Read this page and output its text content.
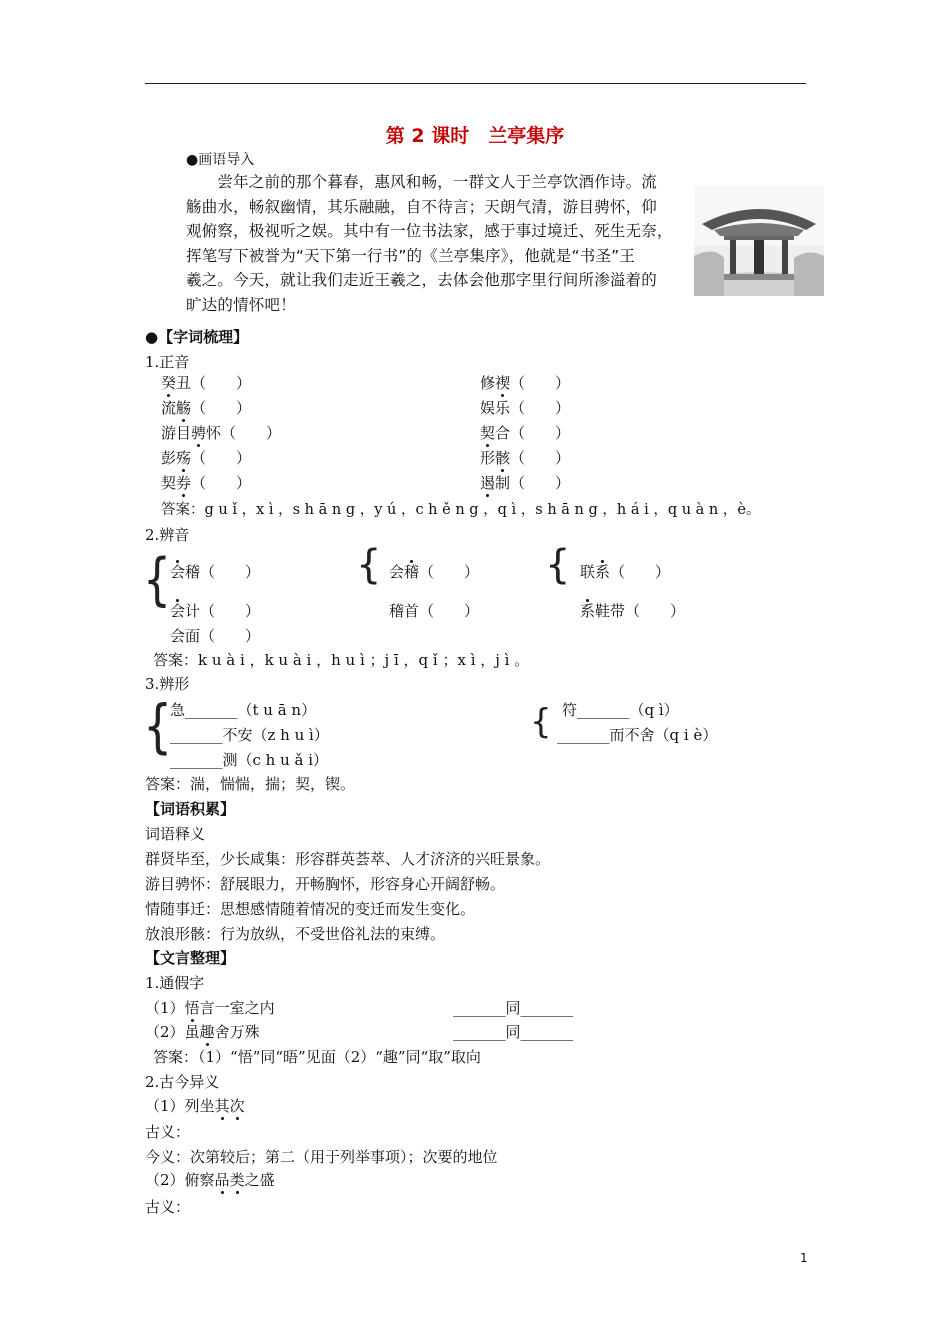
第 2 课时　兰亭集序
●画语导入
　　尝年之前的那个暮春，惠风和畅，一群文人于兰亭饮酒作诗。流
觞曲水，畅叙幽情，其乐融融，自不待言；天朗气清，游目骋怀，仰
观俯察，极视听之娱。其中有一位书法家，感于事过境迁、死生无奈，
挥笔写下被誉为“天下第一行书”的《兰亭集序》，他就是“书圣”王
羲之。今天，就让我们走近王羲之，去体会他那字里行间所渗溢着的
旷达的情怀吧！
●【字词梳理】
1.正音
癸丑（　　）
流觞（　　）
游目骋怀（　　）
彭殇（　　）
契券（　　）
修禊（　　）
娱乐（　　）
契合（　　）
形骸（　　）
遏制（　　）
答案：g u ǐ ，x ì ，s h ā n g ，y ú ，c h ě n g ，q ì ，s h ā n g ，h á i ，q u à n ，è。
2.辨音
{ 会稽（　　）
会计（　　）
会面（　　）
{ 会稽（　　）
稽首（　　）
{ 联系（　　）
系鞋带（　　）
答案：k u à i ，k u à i ，h u ì ；j ī ，q ǐ ；x ì ，j ì 。
3.辨形
{
急_______（t u ā n）
_______不安（z h u ì）
_______测（c h u ǎ i）
{ 符_______（q ì）
_______而不舍（q i è）
答案：湍，惴惴，揣；契，锲。
【词语积累】
词语释义
群贤毕至，少长咸集：形容群英荟萃、人才济济的兴旺景象。
游目骋怀：舒展眼力，开畅胸怀，形容身心开阔舒畅。
情随事迁：思想感情随着情况的变迁而发生变化。
放浪形骸：行为放纵，不受世俗礼法的束缚。
【文言整理】
1.通假字
（1）悟言一室之内	_______同_______
（2）虽趣舍万殊	_______同_______
答案：（1）“悟”同“晤”见面（2）“趣”同“取”取向
2.古今异义
（1）列坐其次
古义：
今义：次第较后；第二（用于列举事项）；次要的地位
（2）俯察品类之盛
古义：
1
